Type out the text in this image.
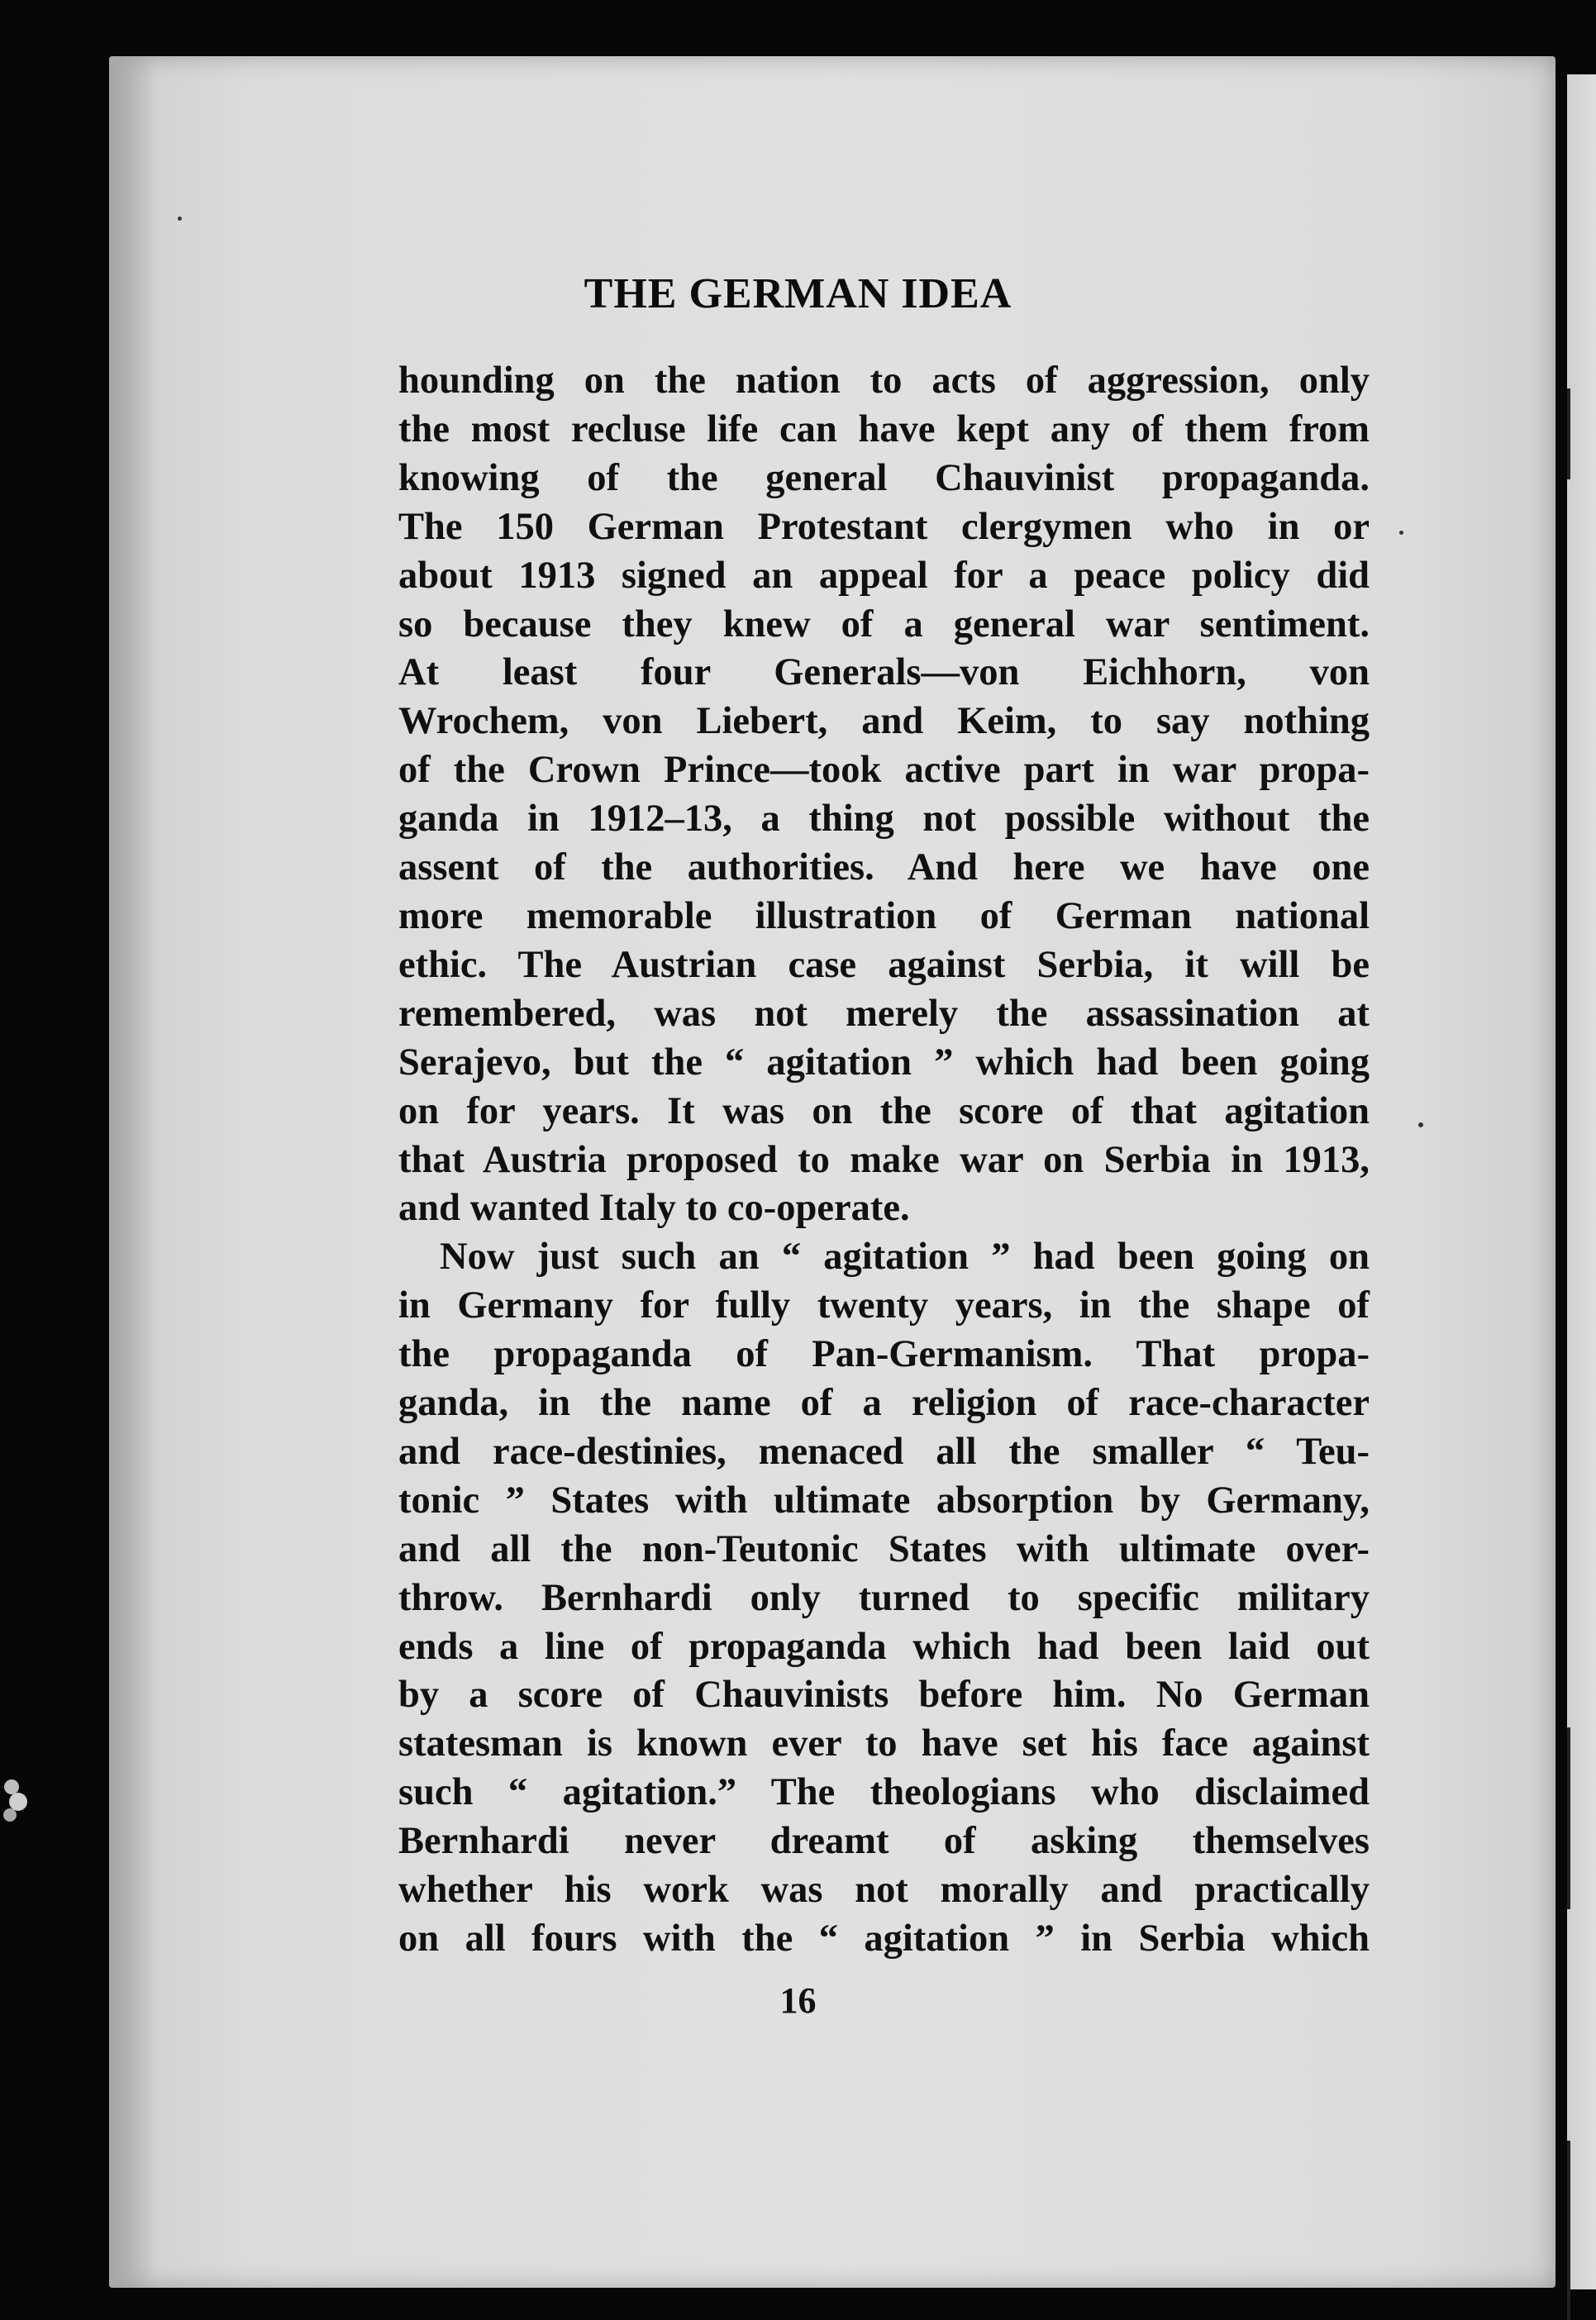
THE GERMAN IDEA
hounding on the nation to acts of aggression, only
the most recluse life can have kept any of them from
knowing of the general Chauvinist propaganda.
The 150 German Protestant clergymen who in or
about 1913 signed an appeal for a peace policy did
so because they knew of a general war sentiment.
At least four Generals—von Eichhorn, von
Wrochem, von Liebert, and Keim, to say nothing
of the Crown Prince—took active part in war propa-
ganda in 1912–13, a thing not possible without the
assent of the authorities. And here we have one
more memorable illustration of German national
ethic. The Austrian case against Serbia, it will be
remembered, was not merely the assassination at
Serajevo, but the “ agitation ” which had been going
on for years. It was on the score of that agitation
that Austria proposed to make war on Serbia in 1913,
and wanted Italy to co-operate.
Now just such an “ agitation ” had been going on
in Germany for fully twenty years, in the shape of
the propaganda of Pan-Germanism. That propa-
ganda, in the name of a religion of race-character
and race-destinies, menaced all the smaller “ Teu-
tonic ” States with ultimate absorption by Germany,
and all the non-Teutonic States with ultimate over-
throw. Bernhardi only turned to specific military
ends a line of propaganda which had been laid out
by a score of Chauvinists before him. No German
statesman is known ever to have set his face against
such “ agitation.” The theologians who disclaimed
Bernhardi never dreamt of asking themselves
whether his work was not morally and practically
on all fours with the “ agitation ” in Serbia which
16
